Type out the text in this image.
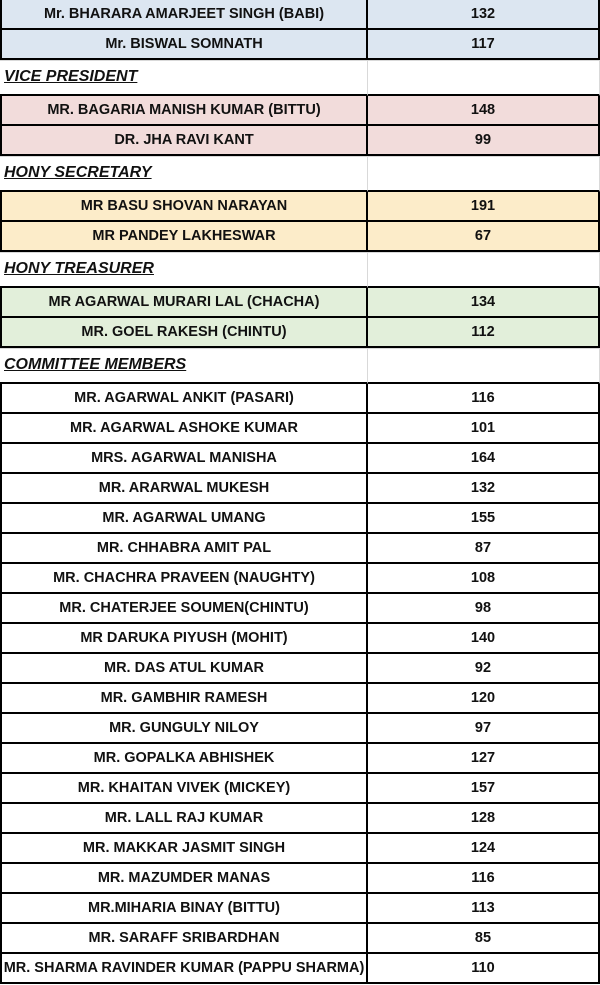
Mr. BHARARA AMARJEET SINGH (BABI)	132
Mr. BISWAL SOMNATH	117
VICE PRESIDENT
MR. BAGARIA MANISH KUMAR (BITTU)	148
DR. JHA RAVI KANT	99
HONY SECRETARY
MR BASU SHOVAN NARAYAN	191
MR PANDEY LAKHESWAR	67
HONY TREASURER
MR AGARWAL MURARI LAL (CHACHA)	134
MR. GOEL RAKESH (CHINTU)	112
COMMITTEE MEMBERS
MR. AGARWAL ANKIT (PASARI)	116
MR. AGARWAL ASHOKE KUMAR	101
MRS. AGARWAL MANISHA	164
MR. ARARWAL MUKESH	132
MR. AGARWAL UMANG	155
MR. CHHABRA AMIT PAL	87
MR. CHACHRA PRAVEEN (NAUGHTY)	108
MR. CHATERJEE SOUMEN(CHINTU)	98
MR DARUKA PIYUSH (MOHIT)	140
MR. DAS ATUL KUMAR	92
MR. GAMBHIR RAMESH	120
MR. GUNGULY NILOY	97
MR. GOPALKA ABHISHEK	127
MR. KHAITAN VIVEK (MICKEY)	157
MR. LALL RAJ KUMAR	128
MR. MAKKAR JASMIT SINGH	124
MR. MAZUMDER MANAS	116
MR.MIHARIA BINAY (BITTU)	113
MR. SARAFF SRIBARDHAN	85
MR. SHARMA RAVINDER KUMAR (PAPPU SHARMA)	110
